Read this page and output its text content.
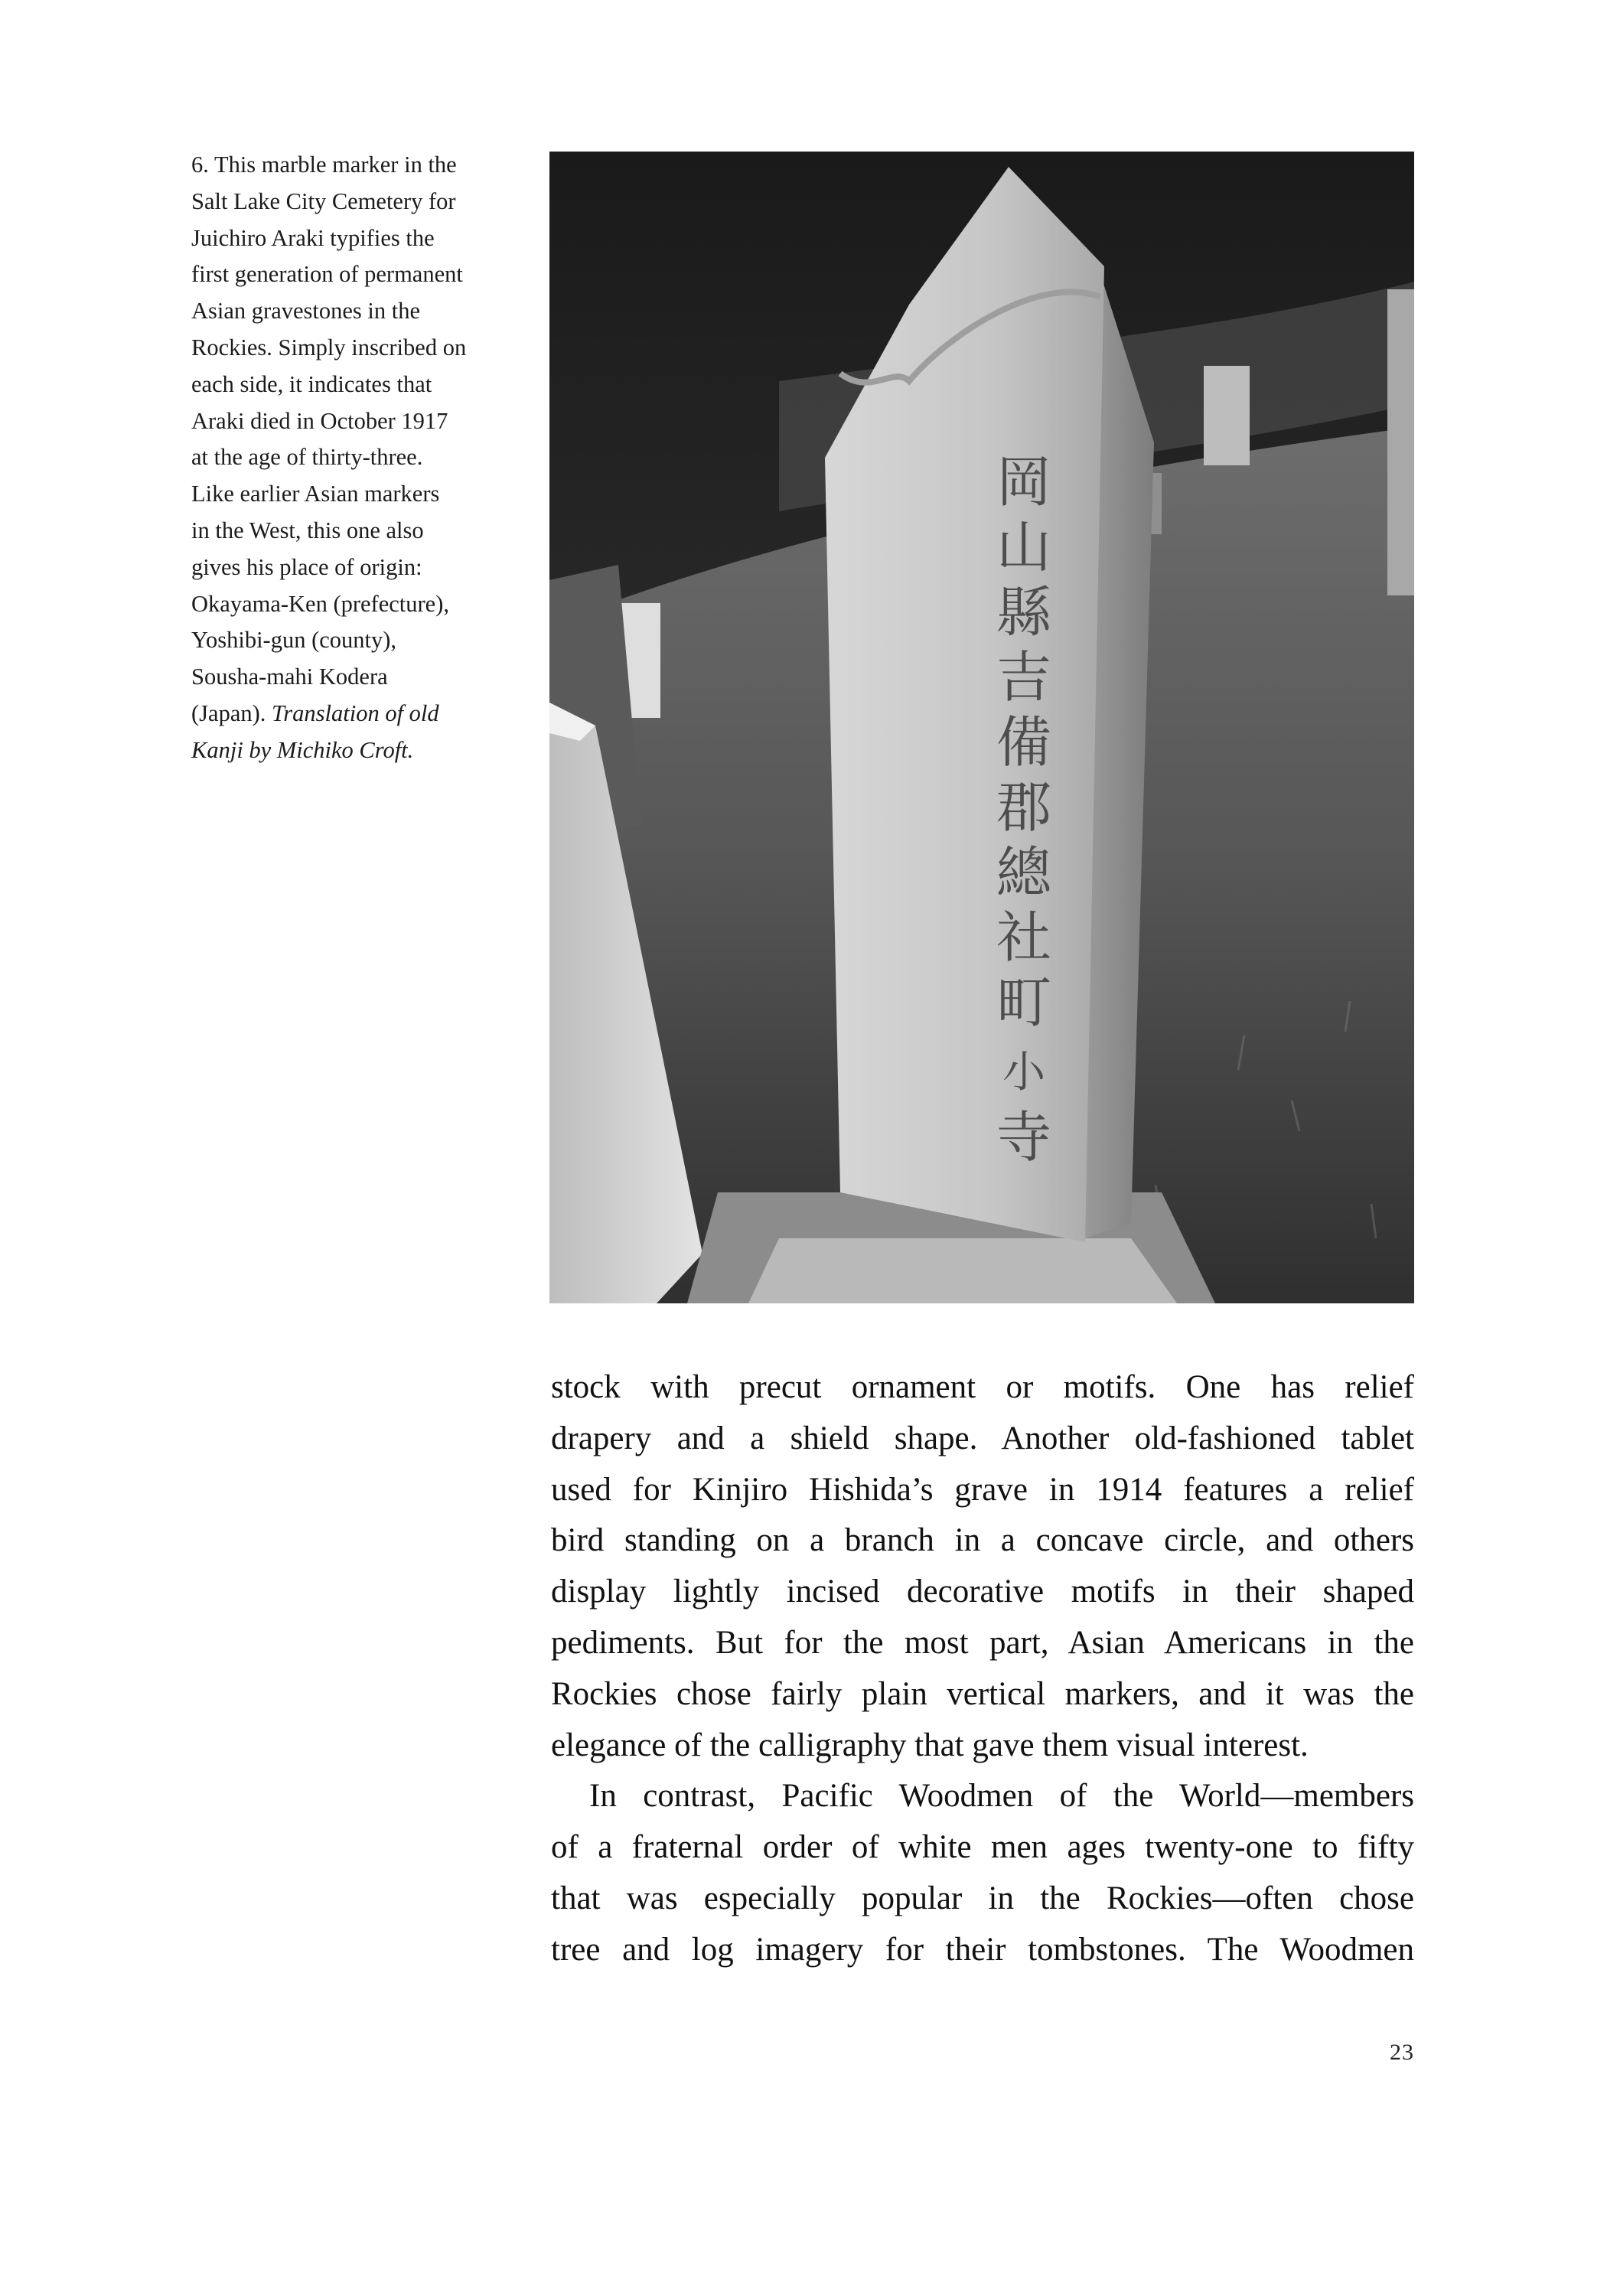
6. This marble marker in the
Salt Lake City Cemetery for
Juichiro Araki typifies the
first generation of permanent
Asian gravestones in the
Rockies. Simply inscribed on
each side, it indicates that
Araki died in October 1917
at the age of thirty-three.
Like earlier Asian markers
in the West, this one also
gives his place of origin:
Okayama-Ken (prefecture),
Yoshibi-gun (county),
Sousha-mahi Kodera
(Japan). Translation of old
Kanji by Michiko Croft.
岡
山
縣
吉
備
郡
總
社
町
小寺

stock with precut ornament or motifs. One has relief
drapery and a shield shape. Another old-fashioned tablet
used for Kinjiro Hishida’s grave in 1914 features a relief
bird standing on a branch in a concave circle, and others
display lightly incised decorative motifs in their shaped
pediments. But for the most part, Asian Americans in the
Rockies chose fairly plain vertical markers, and it was the
elegance of the calligraphy that gave them visual interest.

In contrast, Pacific Woodmen of the World—members
of a fraternal order of white men ages twenty-one to fifty
that was especially popular in the Rockies—often chose
tree and log imagery for their tombstones. The Woodmen

23
